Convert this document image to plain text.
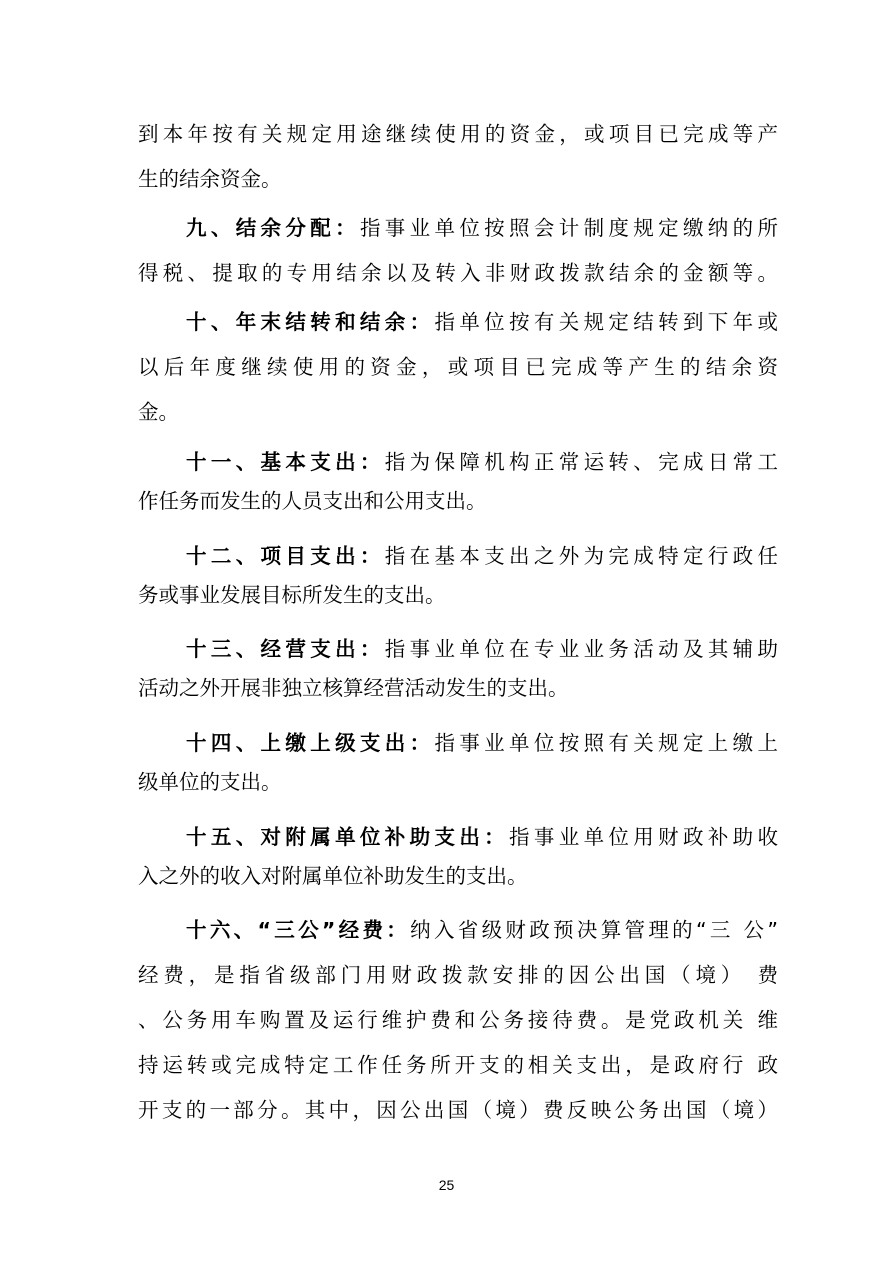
到本年按有关规定用途继续使用的资金，或项目已完成等产

生的结余资金。

九、结余分配：指事业单位按照会计制度规定缴纳的所

得税、提取的专用结余以及转入非财政拨款结余的金额等。

十、年末结转和结余：指单位按有关规定结转到下年或

以后年度继续使用的资金，或项目已完成等产生的结余资

金。

十一、基本支出：指为保障机构正常运转、完成日常工

作任务而发生的人员支出和公用支出。

十二、项目支出：指在基本支出之外为完成特定行政任

务或事业发展目标所发生的支出。

十三、经营支出：指事业单位在专业业务活动及其辅助

活动之外开展非独立核算经营活动发生的支出。

十四、上缴上级支出：指事业单位按照有关规定上缴上

级单位的支出。

十五、对附属单位补助支出：指事业单位用财政补助收

入之外的收入对附属单位补助发生的支出。

十六、“三公”经费：纳入省级财政预决算管理的“三 公”

经费，是指省级部门用财政拨款安排的因公出国（境） 费

、公务用车购置及运行维护费和公务接待费。是党政机关 维

持运转或完成特定工作任务所开支的相关支出，是政府行 政

开支的一部分。其中，因公出国（境）费反映公务出国（境）

25
